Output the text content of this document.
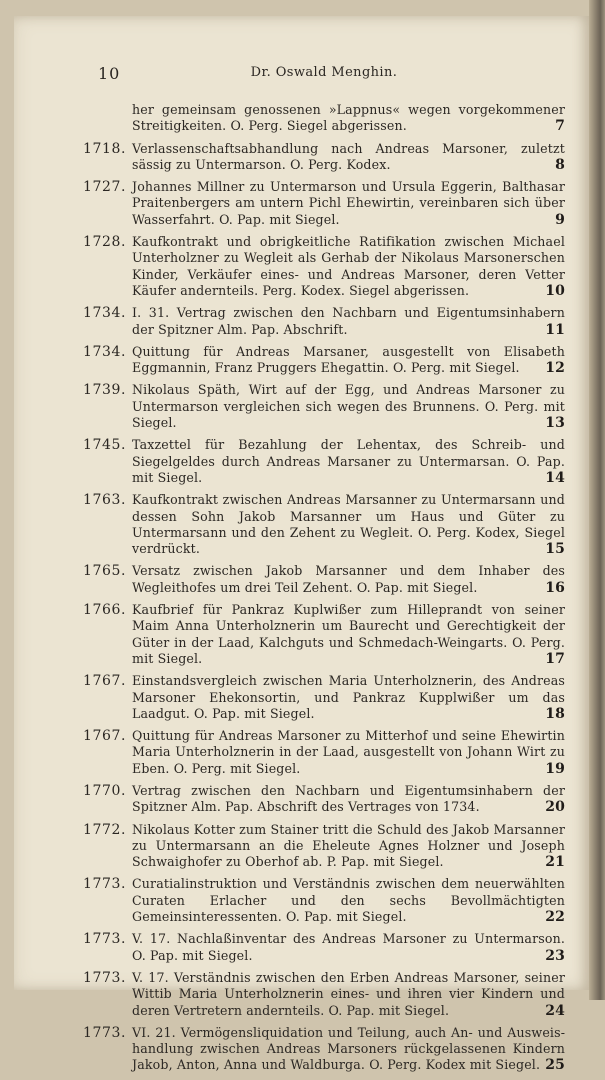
10	Dr. Oswald Menghin.
her gemeinsam genossenen »Lappnus« wegen vorgekommener Streitigkeiten. O. Perg. Siegel abgerissen.	7
1718. Verlassenschaftsabhandlung nach Andreas Marsoner, zuletzt sässig zu Untermarson. O. Perg. Kodex.	8
1727. Johannes Millner zu Untermarson und Ursula Eggerin, Balthasar Praitenbergers am untern Pichl Ehewirtin, vereinbaren sich über Wasserfahrt. O. Pap. mit Siegel.	9
1728. Kaufkontrakt und obrigkeitliche Ratifikation zwischen Michael Unterholzner zu Wegleit als Gerhab der Nikolaus Marsonerschen Kinder, Verkäufer eines- und Andreas Marsoner, deren Vetter Käufer andernteils. Perg. Kodex. Siegel abgerissen.	10
1734. I. 31. Vertrag zwischen den Nachbarn und Eigentumsinhabern der Spitzner Alm. Pap. Abschrift.	11
1734. Quittung für Andreas Marsaner, ausgestellt von Elisabeth Eggmannin, Franz Pruggers Ehegattin. O. Perg. mit Siegel. 12
1739. Nikolaus Späth, Wirt auf der Egg, und Andreas Marsoner zu Untermarson vergleichen sich wegen des Brunnens. O. Perg. mit Siegel.	13
1745. Taxzettel für Bezahlung der Lehentax, des Schreib- und Siegelgeldes durch Andreas Marsaner zu Untermarsan. O. Pap. mit Siegel.	14
1763. Kaufkontrakt zwischen Andreas Marsanner zu Untermarsann und dessen Sohn Jakob Marsanner um Haus und Güter zu Untermarsann und den Zehent zu Wegleit. O. Perg. Kodex, Siegel verdrückt.	15
1765. Versatz zwischen Jakob Marsanner und dem Inhaber des Wegleithofes um drei Teil Zehent. O. Pap. mit Siegel.	16
1766. Kaufbrief für Pankraz Kuplwißer zum Hilleprandt von seiner Maim Anna Unterholznerin um Baurecht und Gerechtigkeit der Güter in der Laad, Kalchguts und Schmedach-Weingarts. O. Perg. mit Siegel.	17
1767. Einstandsvergleich zwischen Maria Unterholznerin, des Andreas Marsoner Ehekonsortin, und Pankraz Kupplwißer um das Laadgut. O. Pap. mit Siegel.	18
1767. Quittung für Andreas Marsoner zu Mitterhof und seine Ehewirtin Maria Unterholznerin in der Laad, ausgestellt von Johann Wirt zu Eben. O. Perg. mit Siegel.	19
1770. Vertrag zwischen den Nachbarn und Eigentumsinhabern der Spitzner Alm. Pap. Abschrift des Vertrages von 1734.	20
1772. Nikolaus Kotter zum Stainer tritt die Schuld des Jakob Marsanner zu Untermarsann an die Eheleute Agnes Holzner und Joseph Schwaighofer zu Oberhof ab. P. Pap. mit Siegel.	21
1773. Curatialinstruktion und Verständnis zwischen dem neuerwählten Curaten Erlacher und den sechs Bevollmächtigten Gemeinsinteressenten. O. Pap. mit Siegel.	22
1773. V. 17. Nachlaßinventar des Andreas Marsoner zu Untermarson. O. Pap. mit Siegel.	23
1773. V. 17. Verständnis zwischen den Erben Andreas Marsoner, seiner Wittib Maria Unterholznerin eines- und ihren vier Kindern und deren Vertretern andernteils. O. Pap. mit Siegel.	24
1773. VI. 21. Vermögensliquidation und Teilung, auch An- und Ausweishandlung zwischen Andreas Marsoners rückgelassenen Kindern Jakob, Anton, Anna und Waldburga. O. Perg. Kodex mit Siegel. 25
